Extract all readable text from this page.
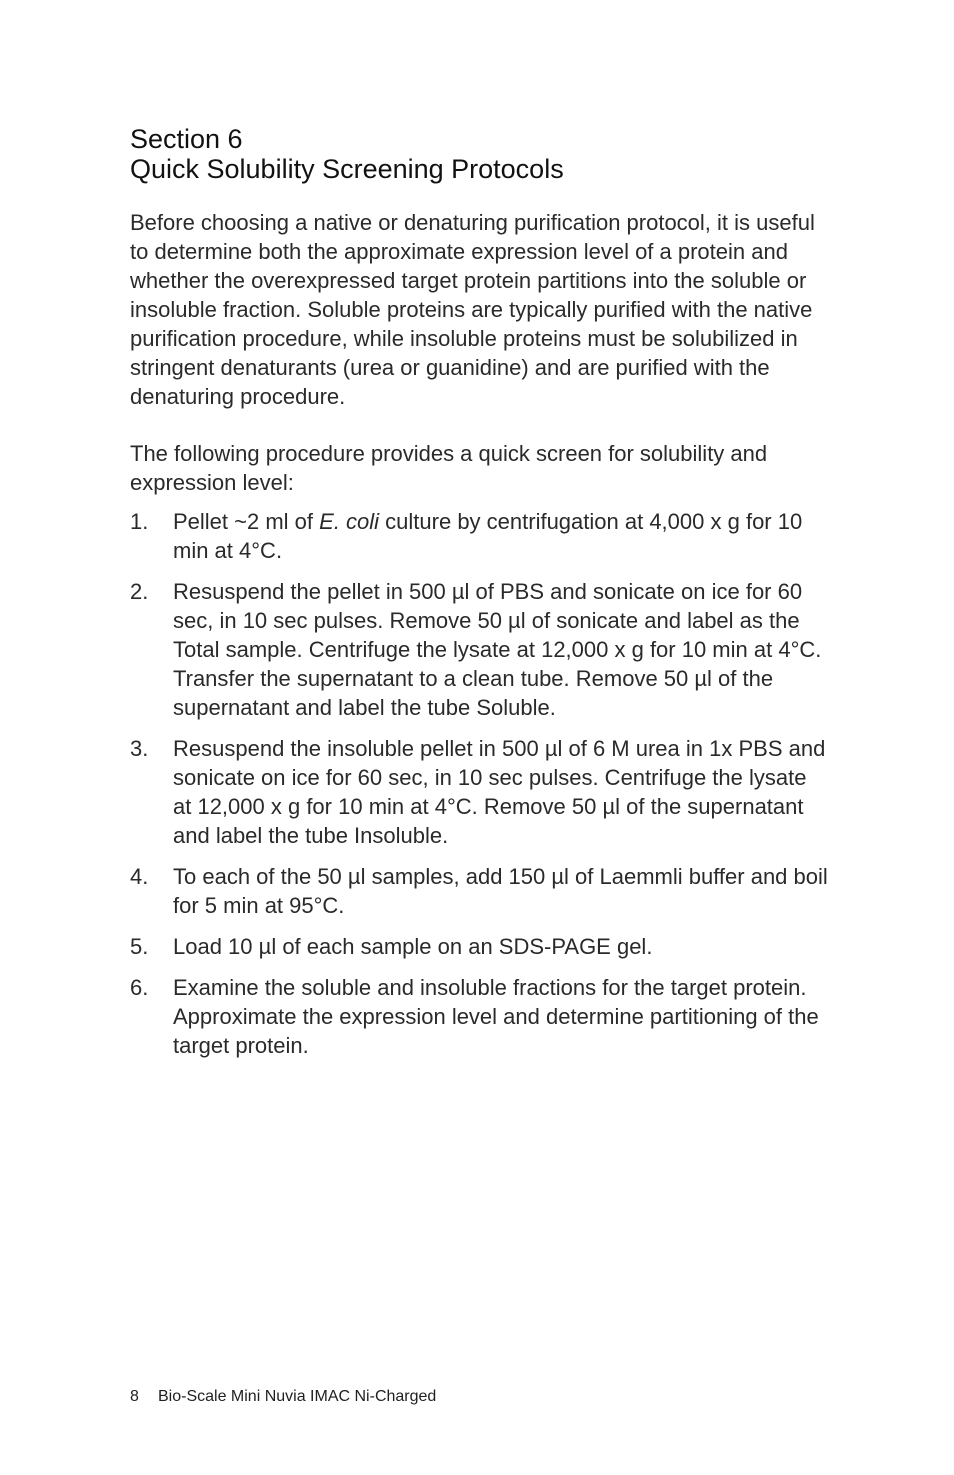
Section 6
Quick Solubility Screening Protocols

Before choosing a native or denaturing purification protocol, it is useful to determine both the approximate expression level of a protein and whether the overexpressed target protein partitions into the soluble or insoluble fraction. Soluble proteins are typically purified with the native purification procedure, while insoluble proteins must be solubilized in stringent denaturants (urea or guanidine) and are purified with the denaturing procedure.

The following procedure provides a quick screen for solubility and expression level:

1. Pellet ~2 ml of E. coli culture by centrifugation at 4,000 x g for 10 min at 4°C.
2. Resuspend the pellet in 500 µl of PBS and sonicate on ice for 60 sec, in 10 sec pulses. Remove 50 µl of sonicate and label as the Total sample. Centrifuge the lysate at 12,000 x g for 10 min at 4°C. Transfer the supernatant to a clean tube. Remove 50 µl of the supernatant and label the tube Soluble.
3. Resuspend the insoluble pellet in 500 µl of 6 M urea in 1x PBS and sonicate on ice for 60 sec, in 10 sec pulses. Centrifuge the lysate at 12,000 x g for 10 min at 4°C. Remove 50 µl of the supernatant and label the tube Insoluble.
4. To each of the 50 µl samples, add 150 µl of Laemmli buffer and boil for 5 min at 95°C.
5. Load 10 µl of each sample on an SDS-PAGE gel.
6. Examine the soluble and insoluble fractions for the target protein. Approximate the expression level and determine partitioning of the target protein.
8 Bio-Scale Mini Nuvia IMAC Ni-Charged
